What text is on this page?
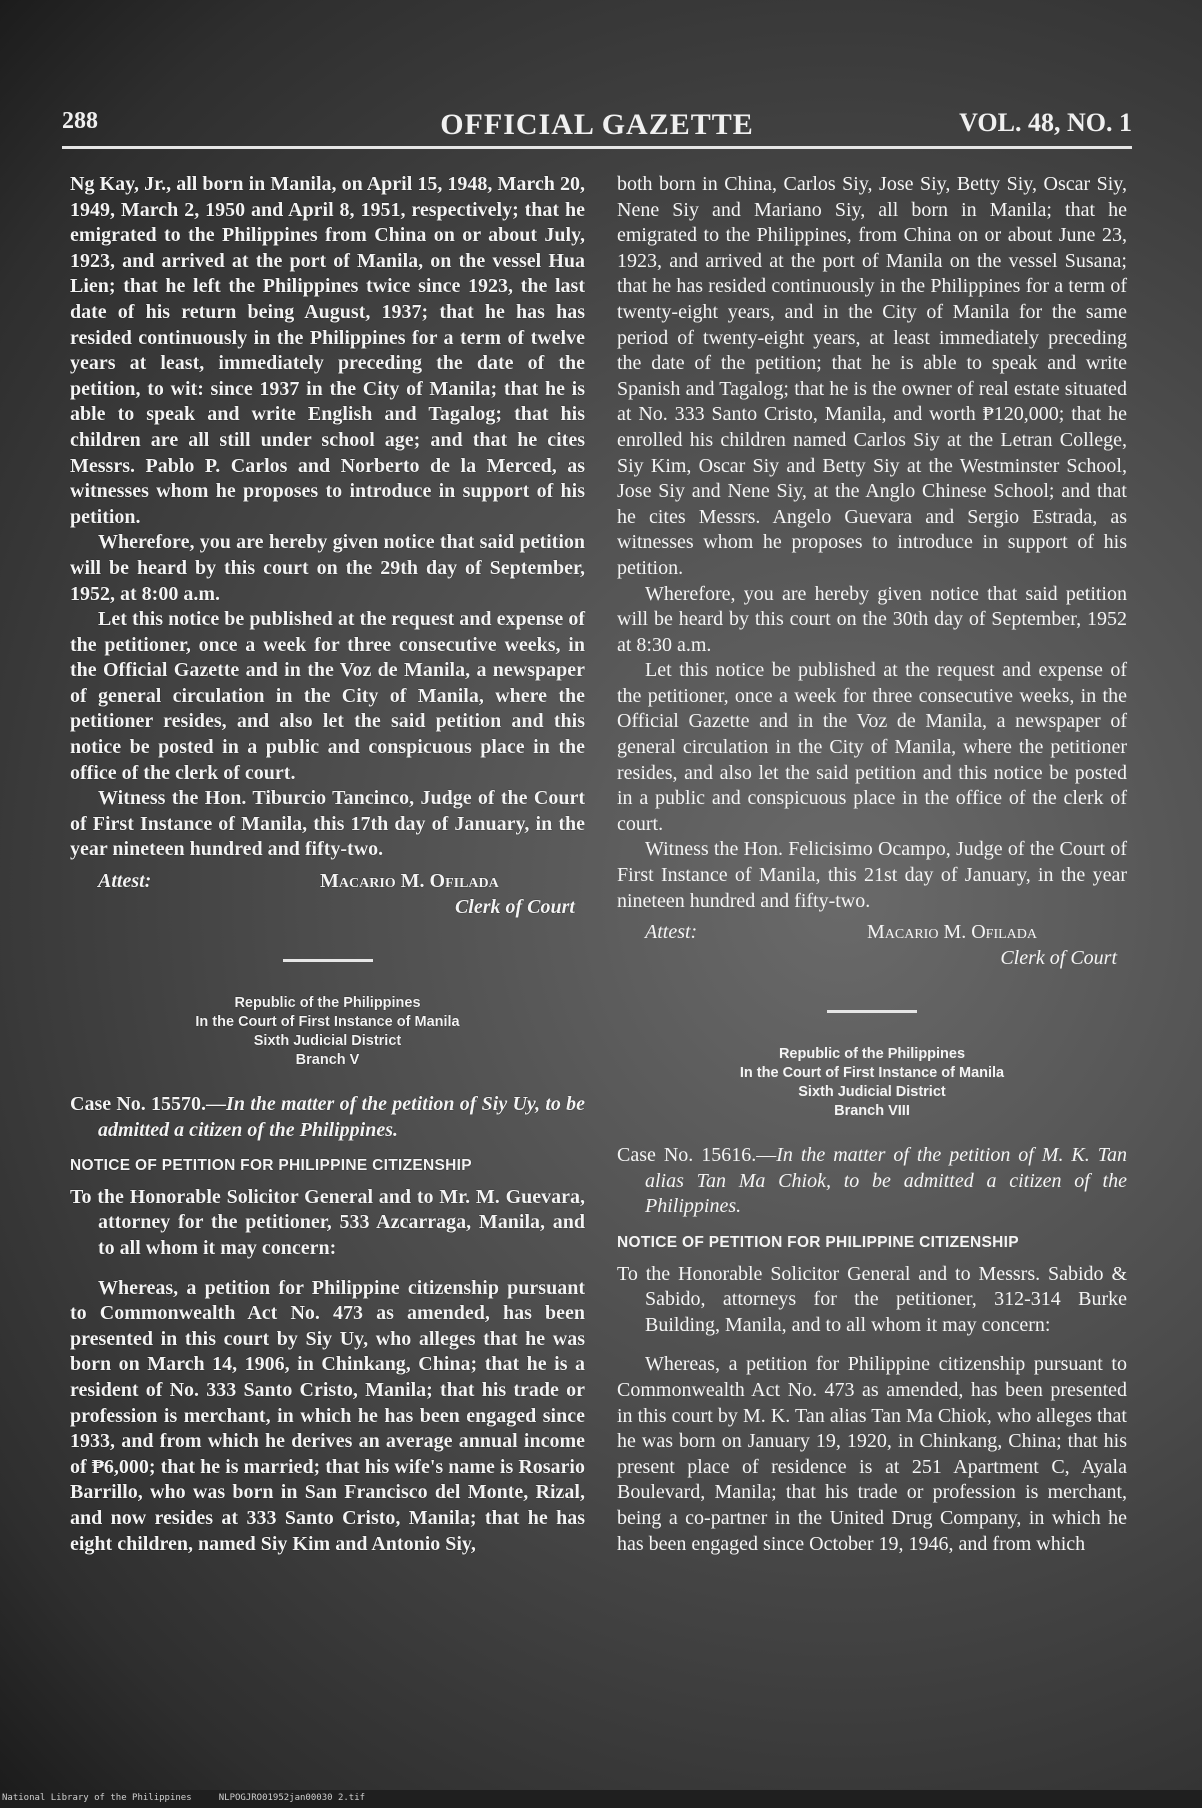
288	OFFICIAL GAZETTE	VOL. 48, NO. 1

Ng Kay, Jr., all born in Manila, on April 15, 1948, March 20, 1949, March 2, 1950 and April 8, 1951, respectively; that he emigrated to the Philippines from China on or about July, 1923, and arrived at the port of Manila, on the vessel Hua Lien; that he left the Philippines twice since 1923, the last date of his return being August, 1937; that he has has resided continuously in the Philippines for a term of twelve years at least, immediately preceding the date of the petition, to wit: since 1937 in the City of Manila; that he is able to speak and write English and Tagalog; that his children are all still under school age; and that he cites Messrs. Pablo P. Carlos and Norberto de la Merced, as witnesses whom he proposes to introduce in support of his petition.

Wherefore, you are hereby given notice that said petition will be heard by this court on the 29th day of September, 1952, at 8:00 a.m.

Let this notice be published at the request and expense of the petitioner, once a week for three consecutive weeks, in the Official Gazette and in the Voz de Manila, a newspaper of general circulation in the City of Manila, where the petitioner resides, and also let the said petition and this notice be posted in a public and conspicuous place in the office of the clerk of court.

Witness the Hon. Tiburcio Tancinco, Judge of the Court of First Instance of Manila, this 17th day of January, in the year nineteen hundred and fifty-two.

Attest:	Macario M. Ofilada
Clerk of Court
Republic of the Philippines
In the Court of First Instance of Manila
Sixth Judicial District
Branch V

Case No. 15570.—In the matter of the petition of Siy Uy, to be admitted a citizen of the Philippines.

NOTICE OF PETITION FOR PHILIPPINE CITIZENSHIP

To the Honorable Solicitor General and to Mr. M. Guevara, attorney for the petitioner, 533 Azcarraga, Manila, and to all whom it may concern:

Whereas, a petition for Philippine citizenship pursuant to Commonwealth Act No. 473 as amended, has been presented in this court by Siy Uy, who alleges that he was born on March 14, 1906, in Chinkang, China; that he is a resident of No. 333 Santo Cristo, Manila; that his trade or profession is merchant, in which he has been engaged since 1933, and from which he derives an average annual income of ₱6,000; that he is married; that his wife's name is Rosario Barrillo, who was born in San Francisco del Monte, Rizal, and now resides at 333 Santo Cristo, Manila; that he has eight children, named Siy Kim and Antonio Siy,

both born in China, Carlos Siy, Jose Siy, Betty Siy, Oscar Siy, Nene Siy and Mariano Siy, all born in Manila; that he emigrated to the Philippines, from China on or about June 23, 1923, and arrived at the port of Manila on the vessel Susana; that he has resided continuously in the Philippines for a term of twenty-eight years, and in the City of Manila for the same period of twenty-eight years, at least immediately preceding the date of the petition; that he is able to speak and write Spanish and Tagalog; that he is the owner of real estate situated at No. 333 Santo Cristo, Manila, and worth ₱120,000; that he enrolled his children named Carlos Siy at the Letran College, Siy Kim, Oscar Siy and Betty Siy at the Westminster School, Jose Siy and Nene Siy, at the Anglo Chinese School; and that he cites Messrs. Angelo Guevara and Sergio Estrada, as witnesses whom he proposes to introduce in support of his petition.

Wherefore, you are hereby given notice that said petition will be heard by this court on the 30th day of September, 1952 at 8:30 a.m.

Let this notice be published at the request and expense of the petitioner, once a week for three consecutive weeks, in the Official Gazette and in the Voz de Manila, a newspaper of general circulation in the City of Manila, where the petitioner resides, and also let the said petition and this notice be posted in a public and conspicuous place in the office of the clerk of court.

Witness the Hon. Felicisimo Ocampo, Judge of the Court of First Instance of Manila, this 21st day of January, in the year nineteen hundred and fifty-two.

Attest:	Macario M. Ofilada
Clerk of Court
Republic of the Philippines
In the Court of First Instance of Manila
Sixth Judicial District
Branch VIII

Case No. 15616.—In the matter of the petition of M. K. Tan alias Tan Ma Chiok, to be admitted a citizen of the Philippines.

NOTICE OF PETITION FOR PHILIPPINE CITIZENSHIP

To the Honorable Solicitor General and to Messrs. Sabido & Sabido, attorneys for the petitioner, 312-314 Burke Building, Manila, and to all whom it may concern:

Whereas, a petition for Philippine citizenship pursuant to Commonwealth Act No. 473 as amended, has been presented in this court by M. K. Tan alias Tan Ma Chiok, who alleges that he was born on January 19, 1920, in Chinkang, China; that his present place of residence is at 251 Apartment C, Ayala Boulevard, Manila; that his trade or profession is merchant, being a co-partner in the United Drug Company, in which he has been engaged since October 19, 1946, and from which

National Library of the Philippines     NLPOGJRO01952jan00030 2.tif
